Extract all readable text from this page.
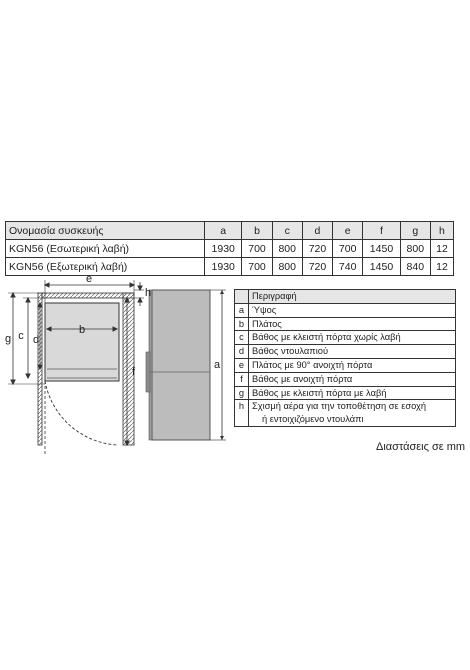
Ονομασία συσκευής	a	b	c	d	e	f	g	h
KGN56 (Εσωτερική λαβή)	1930	700	800	720	700	1450	800	12
KGN56 (Εξωτερική λαβή)	1930	700	800	720	740	1450	840	12
e
h
c d
b
g
f
a
	Περιγραφή
a	Ύψος
b	Πλάτος
c	Βάθος με κλειστή πόρτα χωρίς λαβή
d	Βάθος ντουλαπιού
e	Πλάτος με 90° ανοιχτή πόρτα
f	Βάθος με ανοιχτή πόρτα
g	Βάθος με κλειστή πόρτα με λαβή
h	Σχισμή αέρα για την τοποθέτηση σε εσοχή
ή εντοιχιζόμενο ντουλάπι
Διαστάσεις σε mm
